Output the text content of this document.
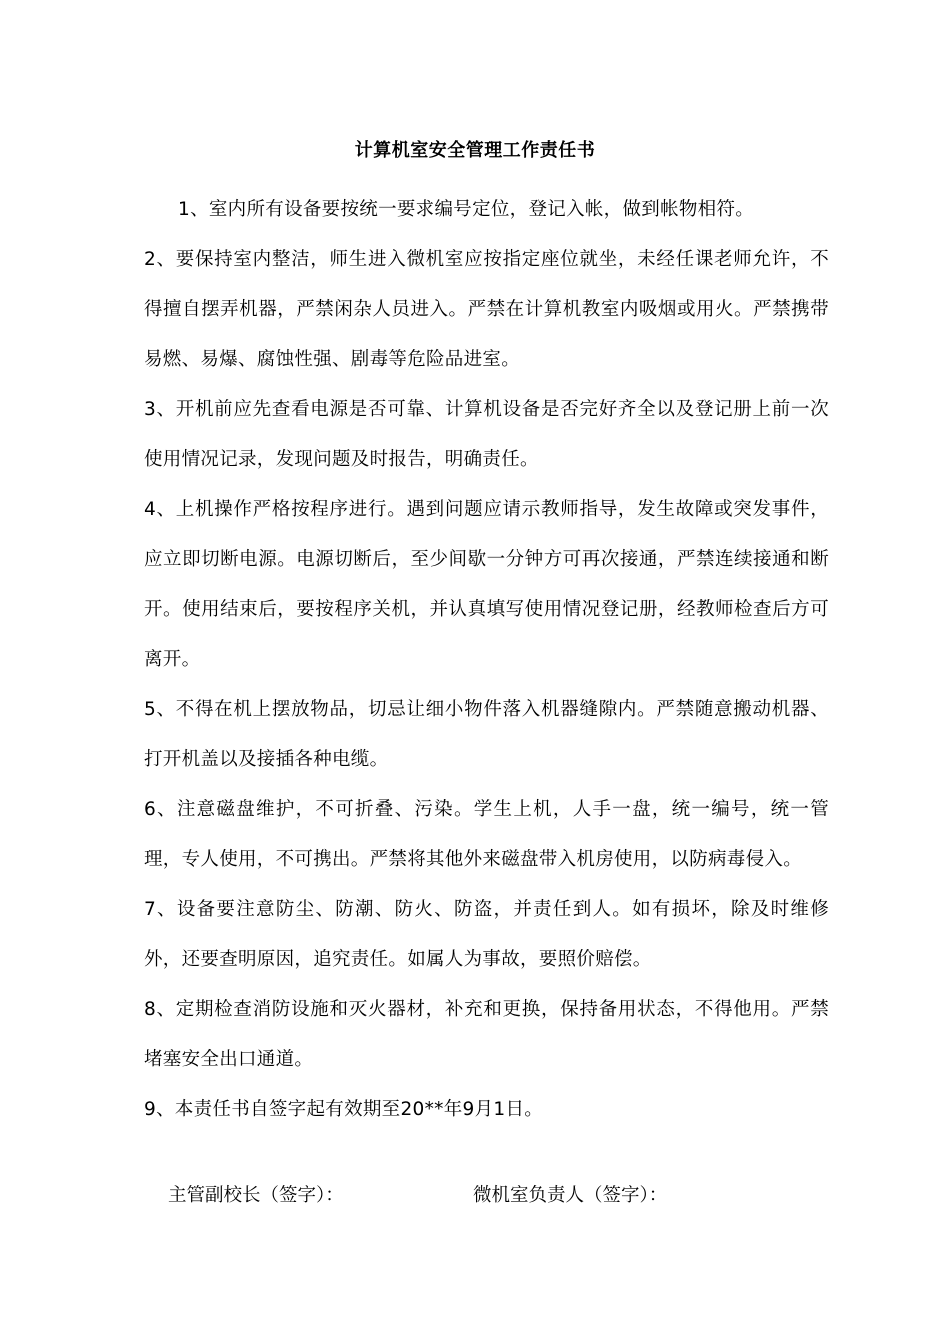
计算机室安全管理工作责任书

1、室内所有设备要按统一要求编号定位，登记入帐，做到帐物相符。

2、要保持室内整洁，师生进入微机室应按指定座位就坐，未经任课老师允许，不得擅自摆弄机器，严禁闲杂人员进入。严禁在计算机教室内吸烟或用火。严禁携带易燃、易爆、腐蚀性强、剧毒等危险品进室。

3、开机前应先查看电源是否可靠、计算机设备是否完好齐全以及登记册上前一次使用情况记录，发现问题及时报告，明确责任。

4、上机操作严格按程序进行。遇到问题应请示教师指导，发生故障或突发事件，应立即切断电源。电源切断后，至少间歇一分钟方可再次接通，严禁连续接通和断开。使用结束后，要按程序关机，并认真填写使用情况登记册，经教师检查后方可离开。

5、不得在机上摆放物品，切忌让细小物件落入机器缝隙内。严禁随意搬动机器、打开机盖以及接插各种电缆。

6、注意磁盘维护，不可折叠、污染。学生上机，人手一盘，统一编号，统一管理，专人使用，不可携出。严禁将其他外来磁盘带入机房使用，以防病毒侵入。

7、设备要注意防尘、防潮、防火、防盗，并责任到人。如有损坏，除及时维修外，还要查明原因，追究责任。如属人为事故，要照价赔偿。

8、定期检查消防设施和灭火器材，补充和更换，保持备用状态，不得他用。严禁堵塞安全出口通道。

9、本责任书自签字起有效期至20**年9月1日。

主管副校长（签字）：	微机室负责人（签字）：
